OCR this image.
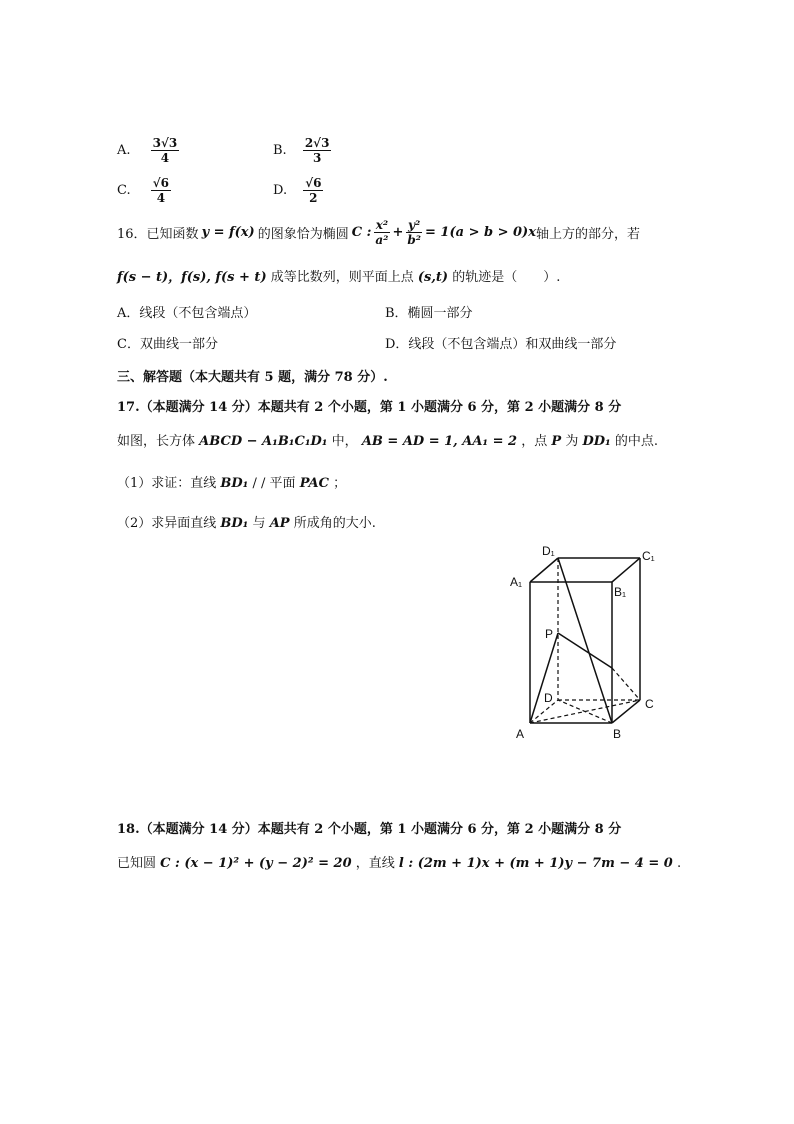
A. $\frac{3√3}{4}$	B. $\frac{2√3}{3}$
C. $\frac{√6}{4}$	D. $\frac{√6}{2}$
16． 已知函数 y = f(x) 的图象恰为椭圆 C : $\frac{\text{x²}}{\text{a²}} + \frac{\text{y²}}{\text{b²}} = 1(a > b > 0)x$ 轴上方的部分，若
f(s − t)，f(s), f(s + t) 成等比数列，则平面上点 (s,t) 的轨迹是（　　）.
A．线段（不包含端点）	B．椭圆一部分
C．双曲线一部分	D．线段（不包含端点）和双曲线一部分
三、解答题（本大题共有 5 题，满分 78 分）.
17.（本题满分 14 分）本题共有 2 个小题，第 1 小题满分 6 分，第 2 小题满分 8 分
如图，长方体 ABCD − A₁B₁C₁D₁ 中， AB = AD = 1, AA₁ = 2 ，点 P 为 DD₁ 的中点.
（1）求证：直线 BD₁ / / 平面 PAC ；
（2）求异面直线 BD₁ 与 AP 所成角的大小.
D₁	C₁
A₁
B₁
P
D	C
A	B
18.（本题满分 14 分）本题共有 2 个小题，第 1 小题满分 6 分，第 2 小题满分 8 分
已知圆 C : (x − 1)² + (y − 2)² = 20 ，直线 l : (2m + 1)x + (m + 1)y − 7m − 4 = 0 .
